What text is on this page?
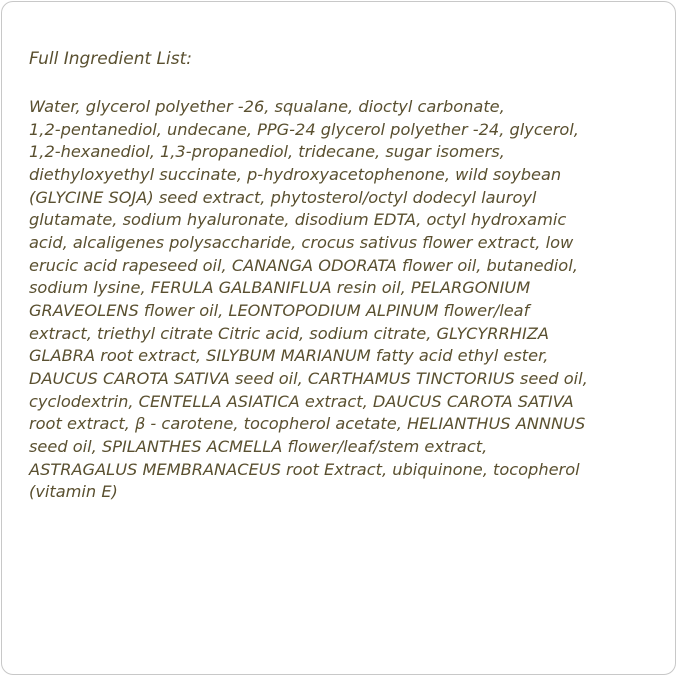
Full Ingredient List:

Water, glycerol polyether -26, squalane, dioctyl carbonate,
1,2-pentanediol, undecane, PPG-24 glycerol polyether -24, glycerol,
1,2-hexanediol, 1,3-propanediol, tridecane, sugar isomers,
diethyloxyethyl succinate, p-hydroxyacetophenone, wild soybean
(GLYCINE SOJA) seed extract, phytosterol/octyl dodecyl lauroyl
glutamate, sodium hyaluronate, disodium EDTA, octyl hydroxamic
acid, alcaligenes polysaccharide, crocus sativus flower extract, low
erucic acid rapeseed oil, CANANGA ODORATA flower oil, butanediol,
sodium lysine, FERULA GALBANIFLUA resin oil, PELARGONIUM
GRAVEOLENS flower oil, LEONTOPODIUM ALPINUM flower/leaf
extract, triethyl citrate Citric acid, sodium citrate, GLYCYRRHIZA
GLABRA root extract, SILYBUM MARIANUM fatty acid ethyl ester,
DAUCUS CAROTA SATIVA seed oil, CARTHAMUS TINCTORIUS seed oil,
cyclodextrin, CENTELLA ASIATICA extract, DAUCUS CAROTA SATIVA
root extract, β - carotene, tocopherol acetate, HELIANTHUS ANNNUS
seed oil, SPILANTHES ACMELLA flower/leaf/stem extract,
ASTRAGALUS MEMBRANACEUS root Extract, ubiquinone, tocopherol
(vitamin E)
